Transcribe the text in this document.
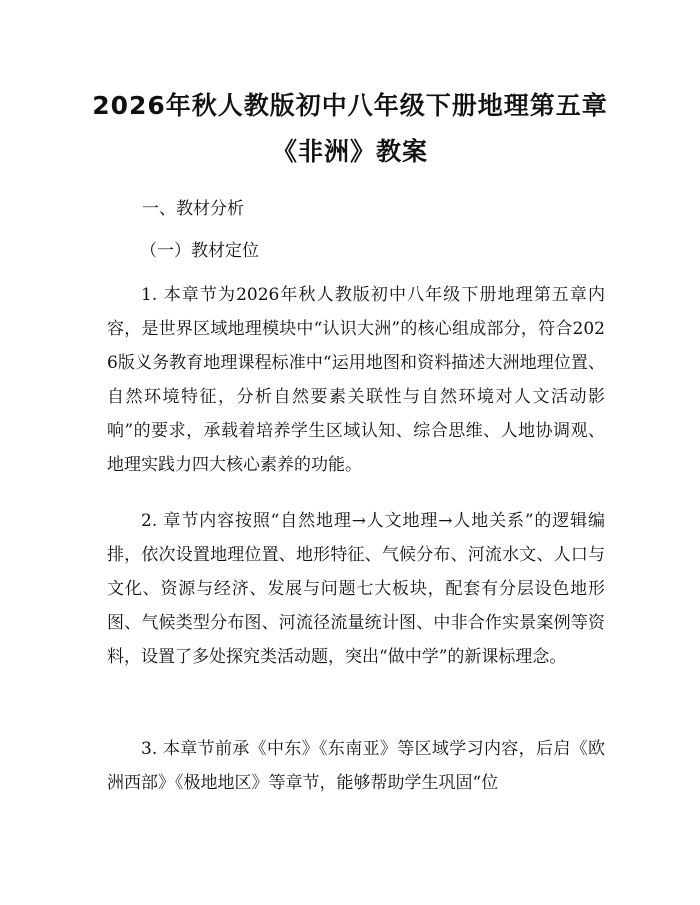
2026年秋人教版初中八年级下册地理第五章
《非洲》教案

一、教材分析

（一）教材定位

1. 本章节为2026年秋人教版初中八年级下册地理第五章内容，是世界区域地理模块中“认识大洲”的核心组成部分，符合2026版义务教育地理课程标准中“运用地图和资料描述大洲地理位置、自然环境特征，分析自然要素关联性与自然环境对人文活动影响”的要求，承载着培养学生区域认知、综合思维、人地协调观、地理实践力四大核心素养的功能。

2. 章节内容按照“自然地理→人文地理→人地关系”的逻辑编排，依次设置地理位置、地形特征、气候分布、河流水文、人口与文化、资源与经济、发展与问题七大板块，配套有分层设色地形图、气候类型分布图、河流径流量统计图、中非合作实景案例等资料，设置了多处探究类活动题，突出“做中学”的新课标理念。

3. 本章节前承《中东》《东南亚》等区域学习内容，后启《欧洲西部》《极地地区》等章节，能够帮助学生巩固“位
